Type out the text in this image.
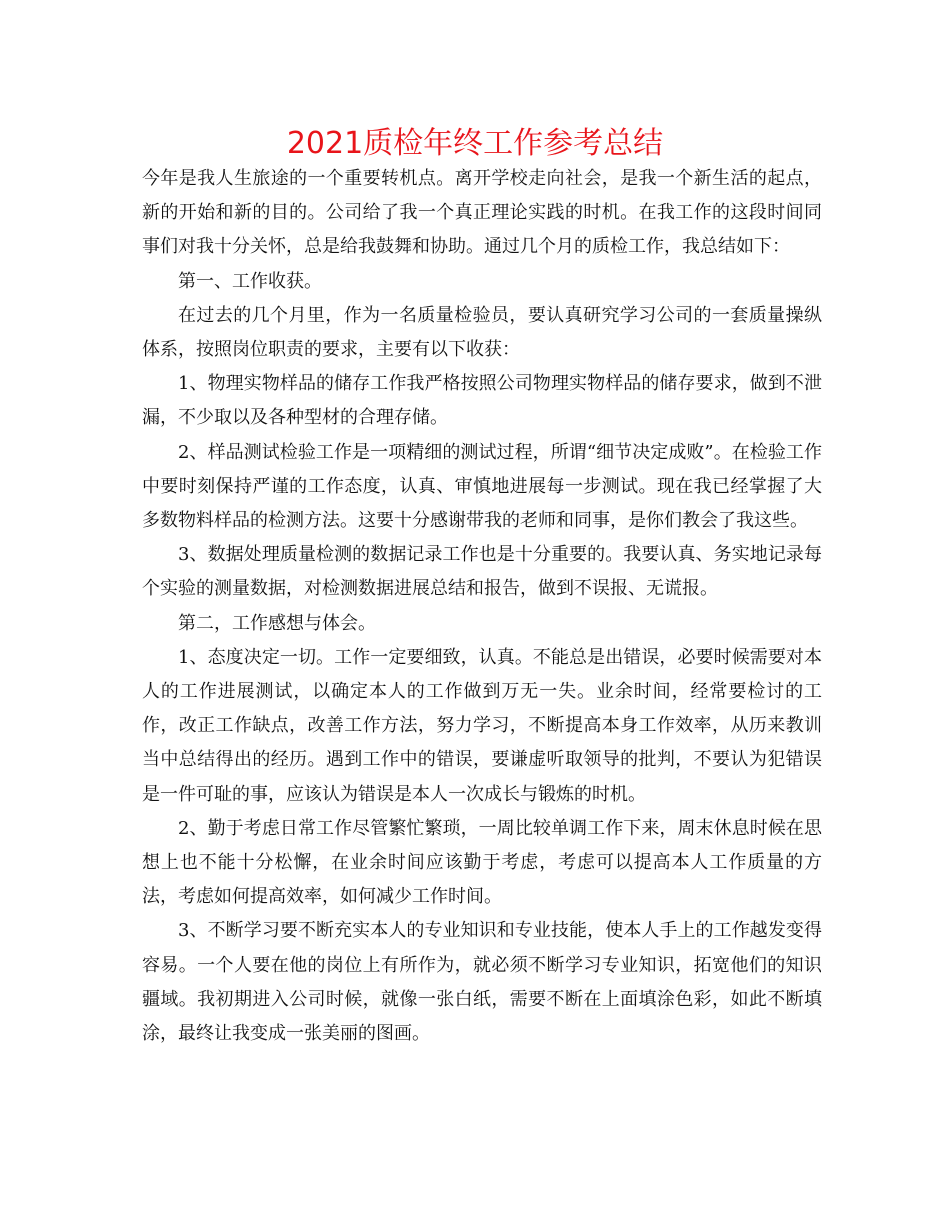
2021质检年终工作参考总结

今年是我人生旅途的一个重要转机点。离开学校走向社会，是我一个新生活的起点，新的开始和新的目的。公司给了我一个真正理论实践的时机。在我工作的这段时间同事们对我十分关怀，总是给我鼓舞和协助。通过几个月的质检工作，我总结如下：

第一、工作收获。

在过去的几个月里，作为一名质量检验员，要认真研究学习公司的一套质量操纵体系，按照岗位职责的要求，主要有以下收获：

1、物理实物样品的储存工作我严格按照公司物理实物样品的储存要求，做到不泄漏，不少取以及各种型材的合理存储。

2、样品测试检验工作是一项精细的测试过程，所谓“细节决定成败”。在检验工作中要时刻保持严谨的工作态度，认真、审慎地进展每一步测试。现在我已经掌握了大多数物料样品的检测方法。这要十分感谢带我的老师和同事，是你们教会了我这些。

3、数据处理质量检测的数据记录工作也是十分重要的。我要认真、务实地记录每个实验的测量数据，对检测数据进展总结和报告，做到不误报、无谎报。

第二，工作感想与体会。

1、态度决定一切。工作一定要细致，认真。不能总是出错误，必要时候需要对本人的工作进展测试，以确定本人的工作做到万无一失。业余时间，经常要检讨的工作，改正工作缺点，改善工作方法，努力学习，不断提高本身工作效率，从历来教训当中总结得出的经历。遇到工作中的错误，要谦虚听取领导的批判，不要认为犯错误是一件可耻的事，应该认为错误是本人一次成长与锻炼的时机。

2、勤于考虑日常工作尽管繁忙繁琐，一周比较单调工作下来，周末休息时候在思想上也不能十分松懈，在业余时间应该勤于考虑，考虑可以提高本人工作质量的方法，考虑如何提高效率，如何减少工作时间。

3、不断学习要不断充实本人的专业知识和专业技能，使本人手上的工作越发变得容易。一个人要在他的岗位上有所作为，就必须不断学习专业知识，拓宽他们的知识疆域。我初期进入公司时候，就像一张白纸，需要不断在上面填涂色彩，如此不断填涂，最终让我变成一张美丽的图画。
